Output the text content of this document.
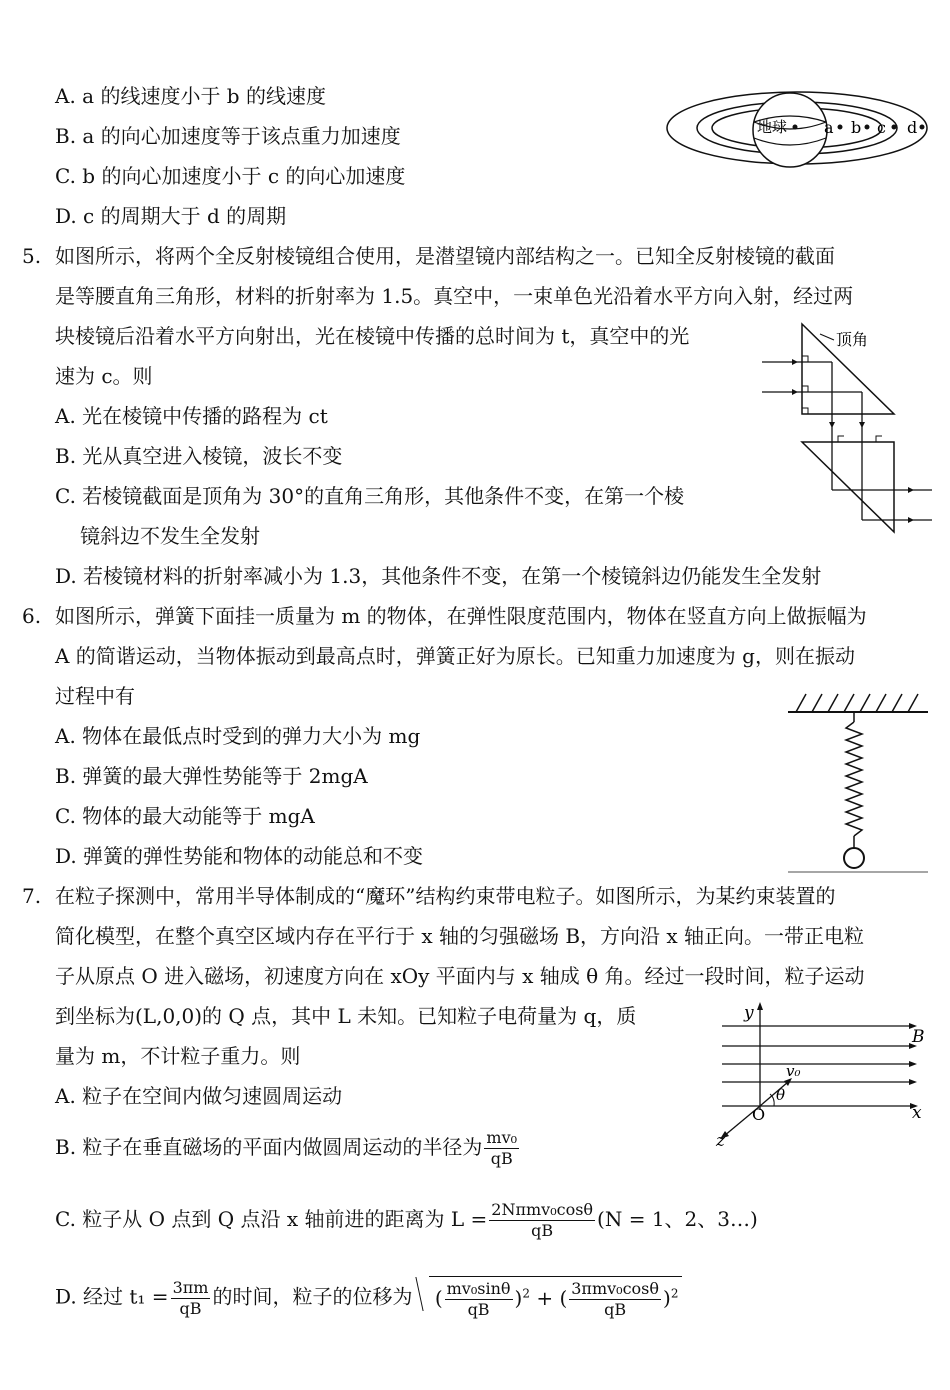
A. a 的线速度小于 b 的线速度
B. a 的向心加速度等于该点重力加速度
C. b 的向心加速度小于 c 的向心加速度
D. c 的周期大于 d 的周期
地球 a b c d
5. 如图所示，将两个全反射棱镜组合使用，是潜望镜内部结构之一。已知全反射棱镜的截面
是等腰直角三角形，材料的折射率为 1.5。真空中，一束单色光沿着水平方向入射，经过两
块棱镜后沿着水平方向射出，光在棱镜中传播的总时间为 t，真空中的光
速为 c。则
A. 光在棱镜中传播的路程为 ct
B. 光从真空进入棱镜，波长不变
C. 若棱镜截面是顶角为 30°的直角三角形，其他条件不变，在第一个棱
镜斜边不发生全发射
D. 若棱镜材料的折射率减小为 1.3，其他条件不变，在第一个棱镜斜边仍能发生全发射
顶角
6. 如图所示，弹簧下面挂一质量为 m 的物体，在弹性限度范围内，物体在竖直方向上做振幅为
A 的简谐运动，当物体振动到最高点时，弹簧正好为原长。已知重力加速度为 g，则在振动
过程中有
A. 物体在最低点时受到的弹力大小为 mg
B. 弹簧的最大弹性势能等于 2mgA
C. 物体的最大动能等于 mgA
D. 弹簧的弹性势能和物体的动能总和不变
7. 在粒子探测中，常用半导体制成的“魔环”结构约束带电粒子。如图所示，为某约束装置的
简化模型，在整个真空区域内存在平行于 x 轴的匀强磁场 B，方向沿 x 轴正向。一带正电粒
子从原点 O 进入磁场，初速度方向在 xOy 平面内与 x 轴成 θ 角。经过一段时间，粒子运动
到坐标为(L,0,0)的 Q 点，其中 L 未知。已知粒子电荷量为 q，质
量为 m，不计粒子重力。则
A. 粒子在空间内做匀速圆周运动
B. 粒子在垂直磁场的平面内做圆周运动的半径为 $\frac{\text{mv₀}}{qB}$
C. 粒子从 O 点到 Q 点沿 x 轴前进的距离为 $L = \frac{\text{2Nπmv₀cosθ}}{qB} (N = 1$、2、3…)
D. 经过 $t_1 = \frac{3\pi m}{qB}$ 的时间，粒子的位移为 ( $\frac{\text{mv₀sinθ}}{qB} )^2$ + ( $\frac{\text{3πmv₀cosθ}}{qB} )^2$
y
B
x
z
v₀
θ
O
